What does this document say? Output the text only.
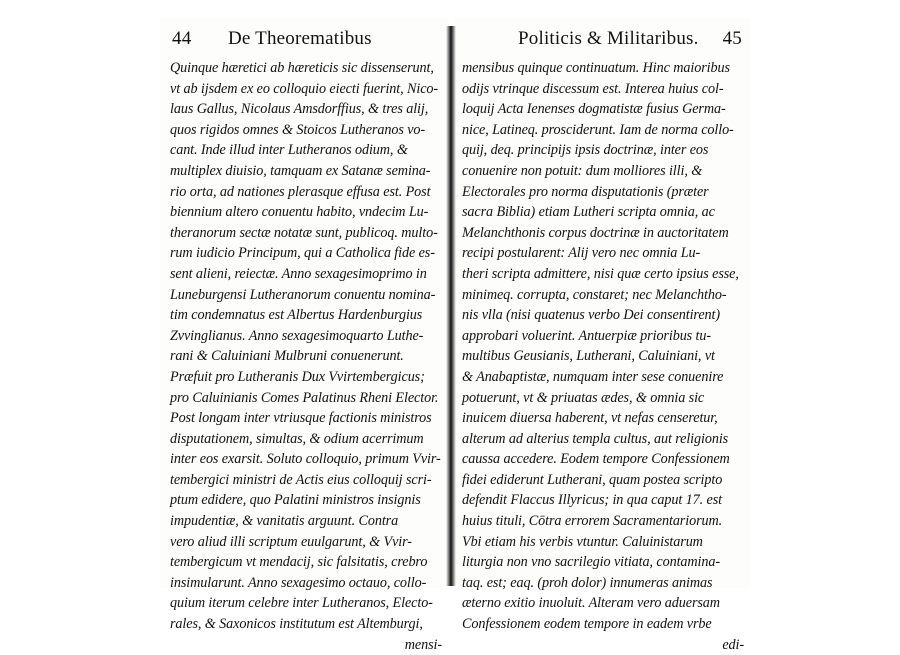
44 De Theorematibus	Politicis & Militaribus. 45
Quinque hæretici ab hæreticis sic dissenserunt,
vt ab ijsdem ex eo colloquio eiecti fuerint, Nico-
laus Gallus, Nicolaus Amsdorffius, & tres alij,
quos rigidos omnes & Stoicos Lutheranos vo-
cant. Inde illud inter Lutheranos odium, &
multiplex diuisio, tamquam ex Satanæ semina-
rio orta, ad nationes plerasque effusa est. Post
biennium altero conuentu habito, vndecim Lu-
theranorum sectæ notatæ sunt, publicoq. multo-
rum iudicio Principum, qui a Catholica fide es-
sent alieni, reiectæ. Anno sexagesimoprimo in
Luneburgensi Lutheranorum conuentu nomina-
tim condemnatus est Albertus Hardenburgius
Zvvinglianus. Anno sexagesimoquarto Luthe-
rani & Caluiniani Mulbruni conuenerunt.
Præfuit pro Lutheranis Dux Vvirtembergicus;
pro Caluinianis Comes Palatinus Rheni Elector.
Post longam inter vtriusque factionis ministros
disputationem, simultas, & odium acerrimum
inter eos exarsit. Soluto colloquio, primum Vvir-
tembergici ministri de Actis eius colloquij scri-
ptum edidere, quo Palatini ministros insignis
impudentiæ, & vanitatis arguunt. Contra
vero aliud illi scriptum euulgarunt, & Vvir-
tembergicum vt mendacij, sic falsitatis, crebro
insimularunt. Anno sexagesimo octauo, collo-
quium iterum celebre inter Lutheranos, Electo-
rales, & Saxonicos institutum est Altemburgi,
mensi-
mensibus quinque continuatum. Hinc maioribus
odijs vtrinque discessum est. Interea huius col-
loquij Acta Ienenses dogmatistæ fusius Germa-
nice, Latineq. prosciderunt. Iam de norma collo-
quij, deq. principijs ipsis doctrinæ, inter eos
conuenire non potuit: dum molliores illi, &
Electorales pro norma disputationis (præter
sacra Biblia) etiam Lutheri scripta omnia, ac
Melanchthonis corpus doctrinæ in auctoritatem
recipi postularent: Alij vero nec omnia Lu-
theri scripta admittere, nisi quæ certo ipsius esse,
minimeq. corrupta, constaret; nec Melanchtho-
nis vlla (nisi quatenus verbo Dei consentirent)
approbari voluerint. Antuerpiæ prioribus tu-
multibus Geusianis, Lutherani, Caluiniani, vt
& Anabaptistæ, numquam inter sese conuenire
potuerunt, vt & priuatas ædes, & omnia sic
inuicem diuersa haberent, vt nefas censeretur,
alterum ad alterius templa cultus, aut religionis
caussa accedere. Eodem tempore Confessionem
fidei ediderunt Lutherani, quam postea scripto
defendit Flaccus Illyricus; in qua caput 17. est
huius tituli, Cōtra errorem Sacramentariorum.
Vbi etiam his verbis vtuntur. Caluinistarum
liturgia non vno sacrilegio vitiata, contamina-
taq. est; eaq. (proh dolor) innumeras animas
æterno exitio inuoluit. Alteram vero aduersam
Confessionem eodem tempore in eadem vrbe
edi-
